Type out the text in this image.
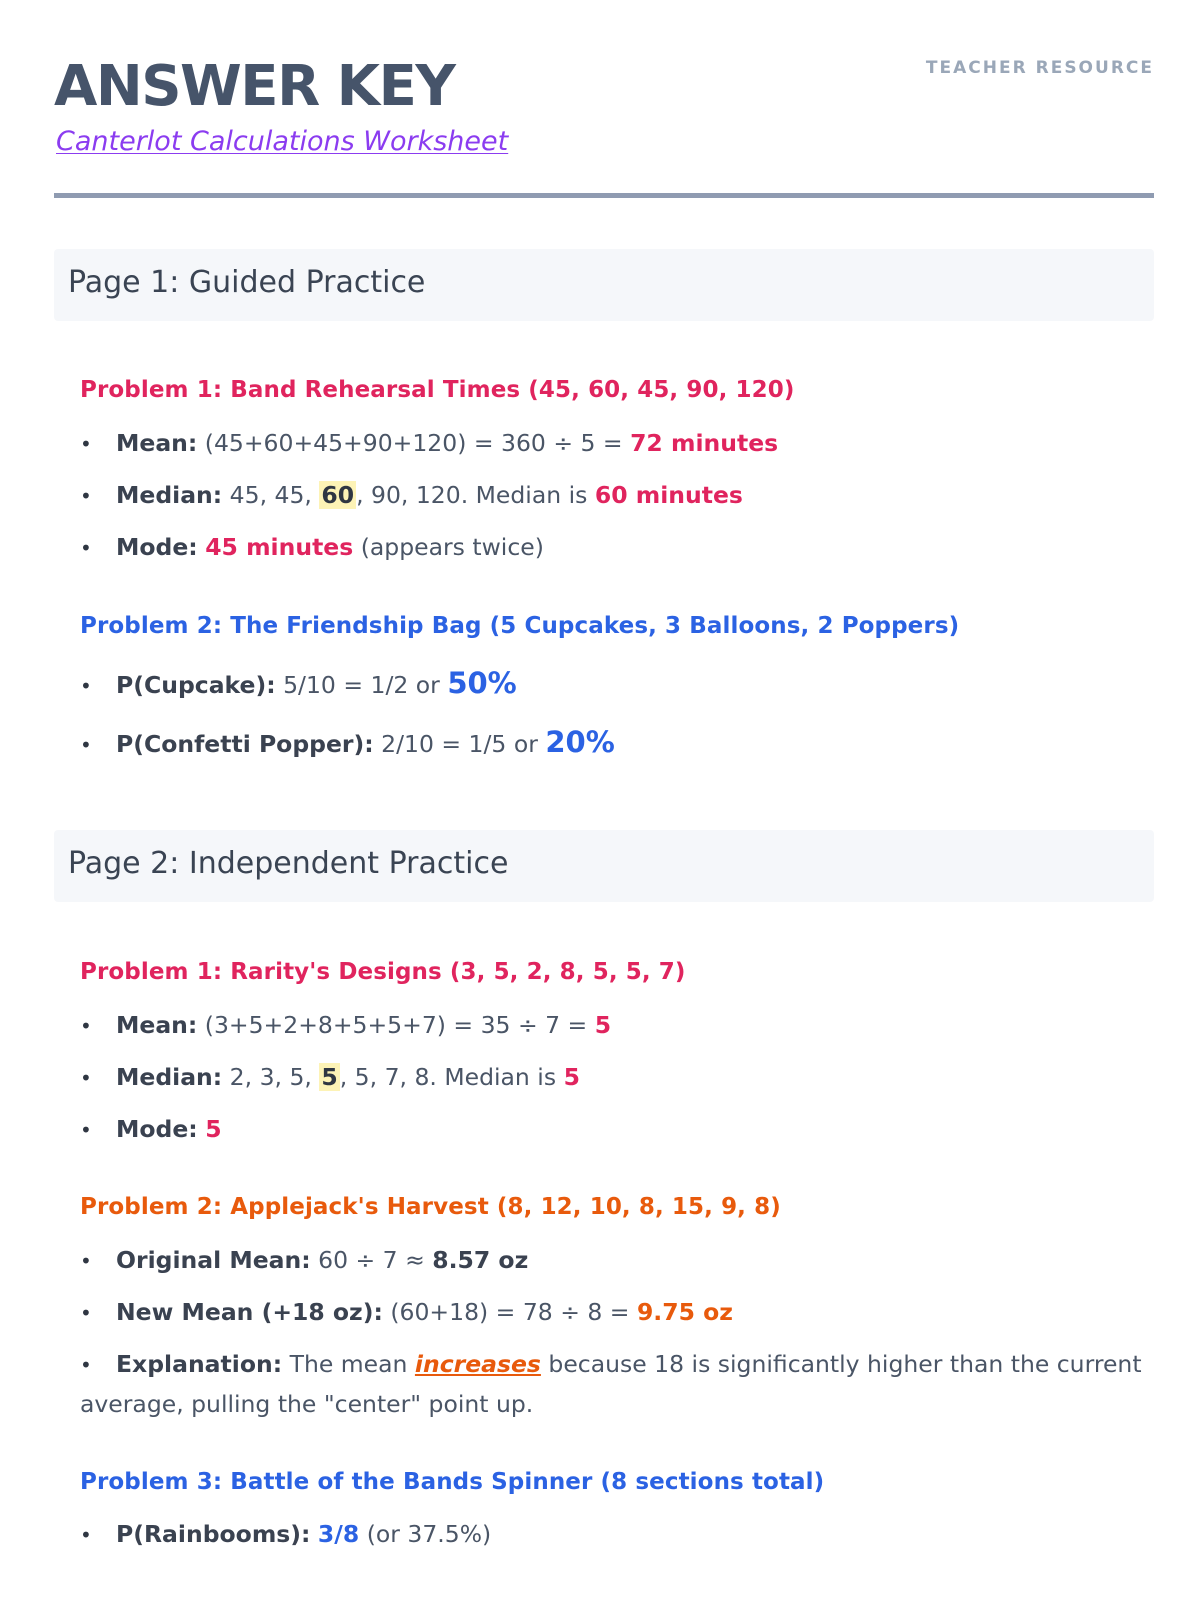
ANSWER KEY
Canterlot Calculations Worksheet
TEACHER RESOURCE
Page 1: Guided Practice
Problem 1: Band Rehearsal Times (45, 60, 45, 90, 120)
• Mean: (45+60+45+90+120) = 360 ÷ 5 = 72 minutes
• Median: 45, 45, 60, 90, 120. Median is 60 minutes
• Mode: 45 minutes (appears twice)
Problem 2: The Friendship Bag (5 Cupcakes, 3 Balloons, 2 Poppers)
• P(Cupcake): 5/10 = 1/2 or 50%
• P(Confetti Popper): 2/10 = 1/5 or 20%
Page 2: Independent Practice
Problem 1: Rarity's Designs (3, 5, 2, 8, 5, 5, 7)
• Mean: (3+5+2+8+5+5+7) = 35 ÷ 7 = 5
• Median: 2, 3, 5, 5, 5, 7, 8. Median is 5
• Mode: 5
Problem 2: Applejack's Harvest (8, 12, 10, 8, 15, 9, 8)
• Original Mean: 60 ÷ 7 ≈ 8.57 oz
• New Mean (+18 oz): (60+18) = 78 ÷ 8 = 9.75 oz
• Explanation: The mean increases because 18 is significantly higher than the current
average, pulling the "center" point up.
Problem 3: Battle of the Bands Spinner (8 sections total)
• P(Rainbooms): 3/8 (or 37.5%)
